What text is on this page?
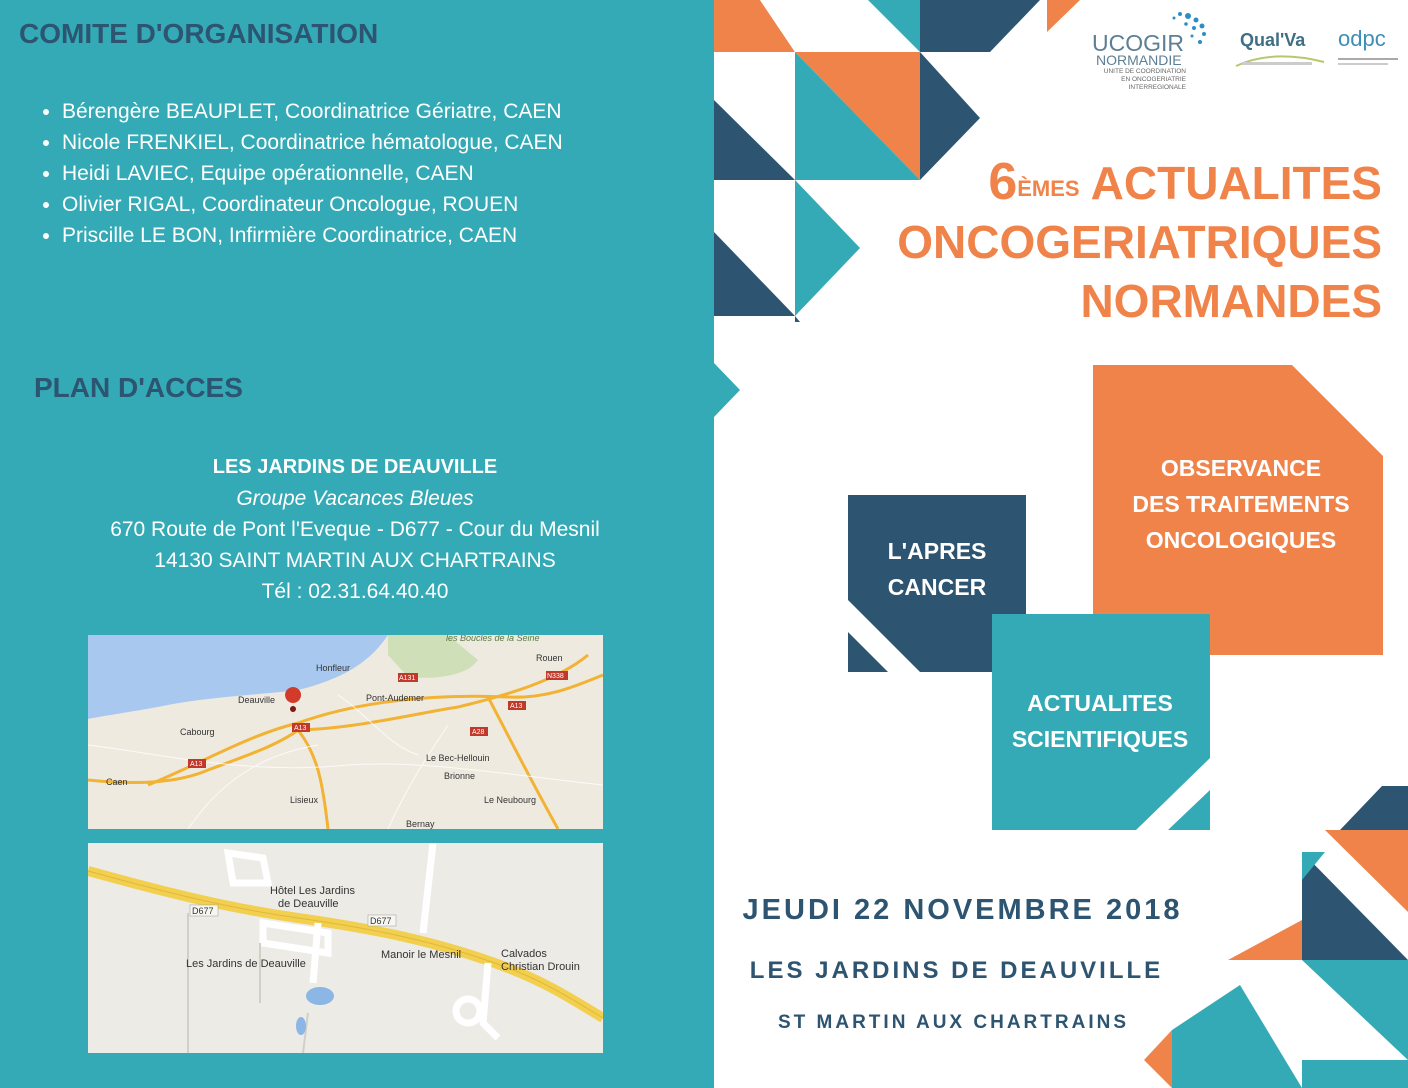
COMITE D'ORGANISATION
• Bérengère BEAUPLET, Coordinatrice Gériatre, CAEN
• Nicole FRENKIEL, Coordinatrice hématologue, CAEN
• Heidi LAVIEC, Equipe opérationnelle, CAEN
• Olivier RIGAL, Coordinateur Oncologue, ROUEN
• Priscille LE BON, Infirmière Coordinatrice, CAEN
PLAN D'ACCES
LES JARDINS DE DEAUVILLE
Groupe Vacances Bleues
670 Route de Pont l'Eveque - D677 - Cour du Mesnil
14130 SAINT MARTIN AUX CHARTRAINS
Tél : 02.31.64.40.40
Honfleur
Deauville
Cabourg
Caen
Lisieux
Pont-Audemer
Rouen
Le Bec-Hellouin
Brionne
Le Neubourg
Bernay
les Boucles de la Seine
A13
A28
A131	N338
A13
A13
Hôtel Les Jardins
de Deauville
Les Jardins de Deauville
Manoir le Mesnil	Calvados
Christian Drouin
D677
D677
UCOGIR
NORMANDIE
UNITE DE COORDINATION
EN ONCOGERIATRIE
INTERREGIONALE
Qual'Va odpc
6ÈMES ACTUALITES
ONCOGERIATRIQUES
NORMANDES
OBSERVANCE
DES TRAITEMENTS
ONCOLOGIQUES
L'APRES
CANCER
ACTUALITES
SCIENTIFIQUES
JEUDI 22 NOVEMBRE 2018
LES JARDINS DE DEAUVILLE
ST MARTIN AUX CHARTRAINS
